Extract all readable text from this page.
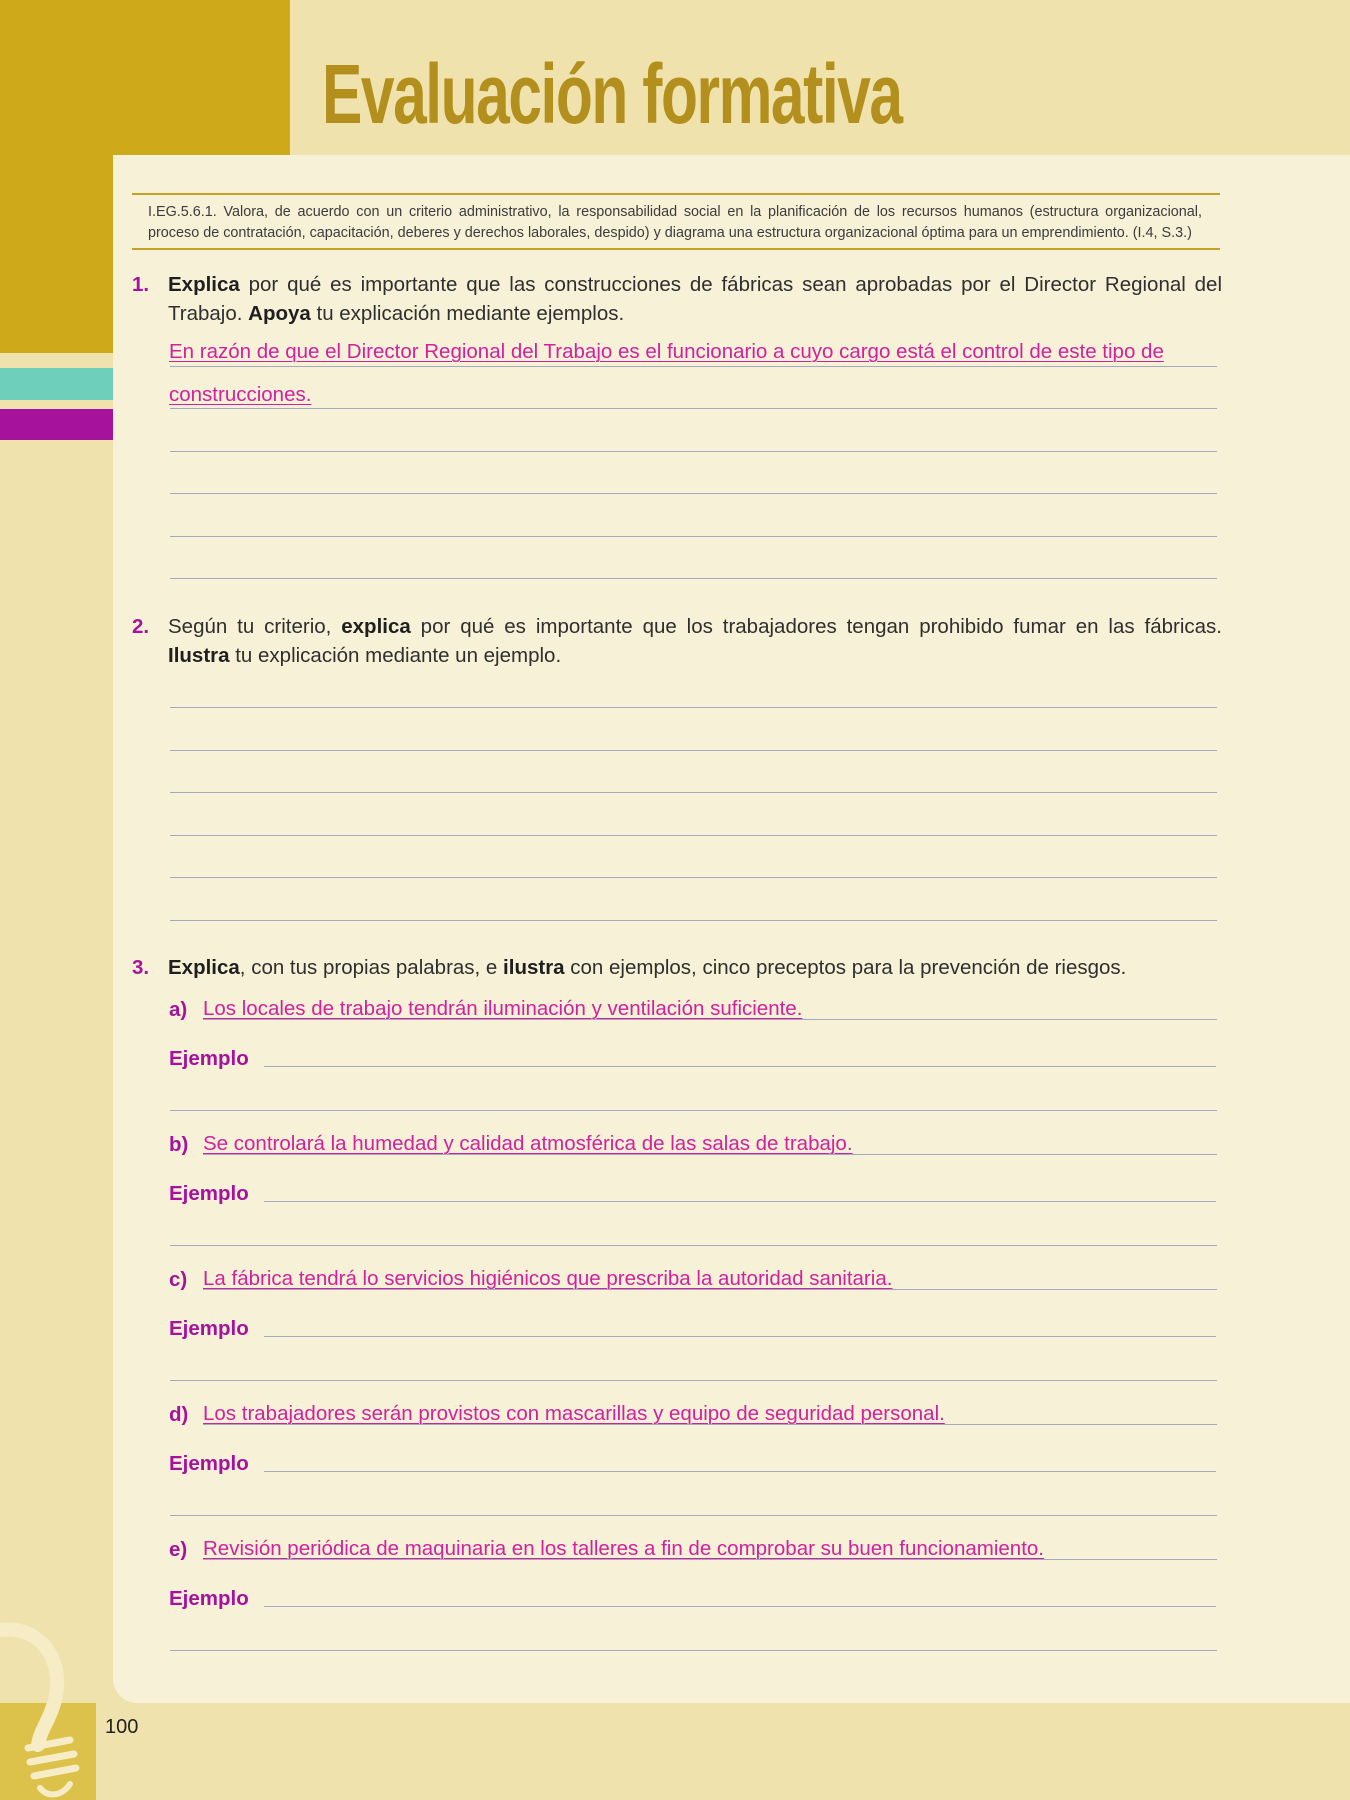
Evaluación formativa
I.EG.5.6.1. Valora, de acuerdo con un criterio administrativo, la responsabilidad social en la planificación de los recursos humanos (estructura organizacional, proceso de contratación, capacitación, deberes y derechos laborales, despido) y diagrama una estructura organizacional óptima para un emprendimiento. (I.4, S.3.)
1. Explica por qué es importante que las construcciones de fábricas sean aprobadas por el Director Regional del Trabajo. Apoya tu explicación mediante ejemplos.
En razón de que el Director Regional del Trabajo es el funcionario a cuyo cargo está el control de este tipo de
construcciones.
2. Según tu criterio, explica por qué es importante que los trabajadores tengan prohibido fumar en las fábricas. Ilustra tu explicación mediante un ejemplo.
3. Explica, con tus propias palabras, e ilustra con ejemplos, cinco preceptos para la prevención de riesgos.
a) Los locales de trabajo tendrán iluminación y ventilación suficiente.
Ejemplo
b) Se controlará la humedad y calidad atmosférica de las salas de trabajo.
Ejemplo
c) La fábrica tendrá lo servicios higiénicos que prescriba la autoridad sanitaria.
Ejemplo
d) Los trabajadores serán provistos con mascarillas y equipo de seguridad personal.
Ejemplo
e) Revisión periódica de maquinaria en los talleres a fin de comprobar su buen funcionamiento.
Ejemplo
100
